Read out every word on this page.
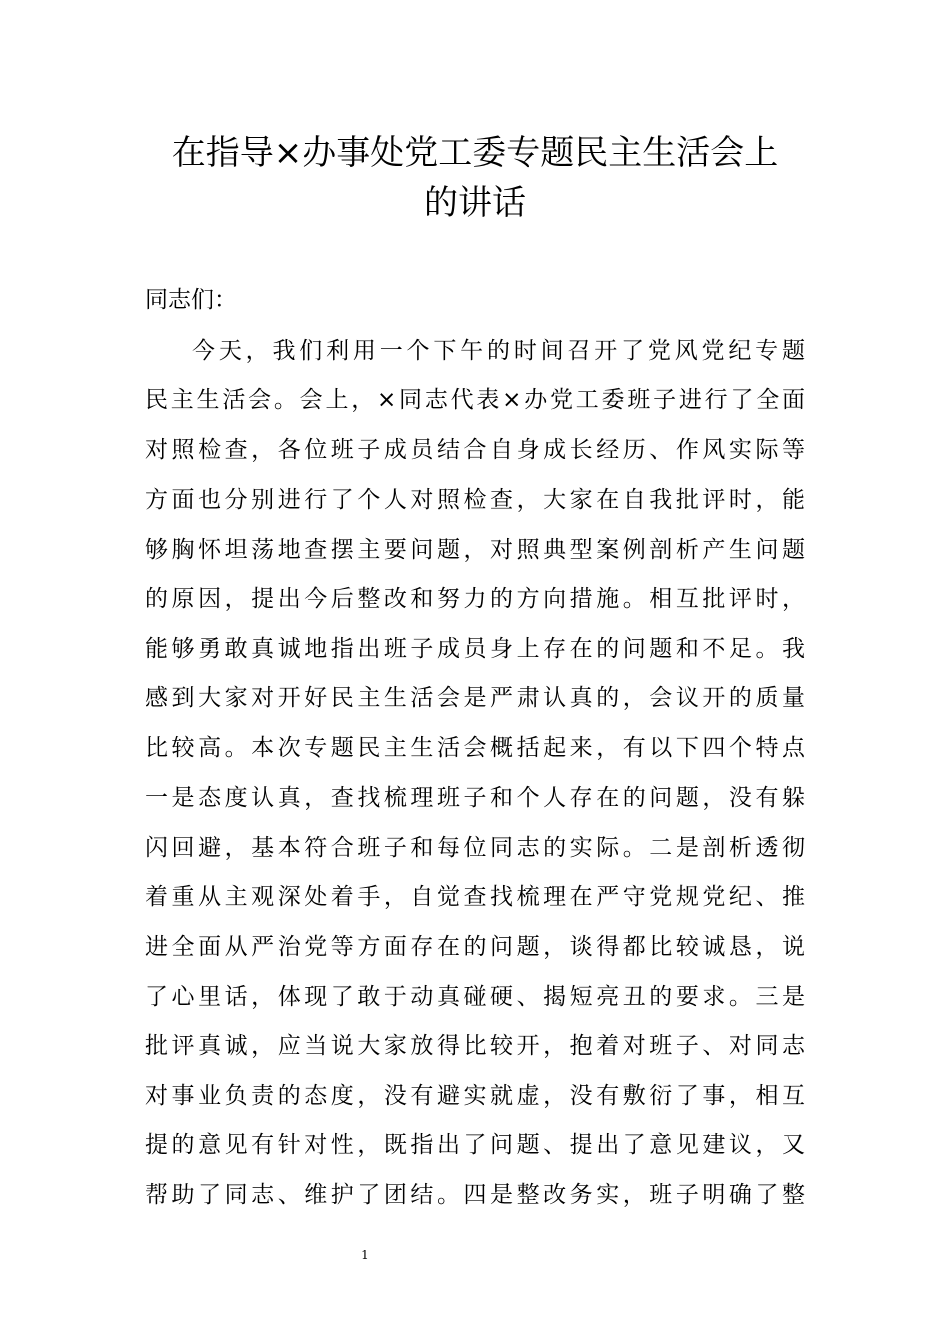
在指导×办事处党工委专题民主生活会上
的讲话
同志们：
今天，我们利用一个下午的时间召开了党风党纪专题
民主生活会。会上，×同志代表×办党工委班子进行了全面
对照检查，各位班子成员结合自身成长经历、作风实际等
方面也分别进行了个人对照检查，大家在自我批评时，能
够胸怀坦荡地查摆主要问题，对照典型案例剖析产生问题
的原因，提出今后整改和努力的方向措施。相互批评时，
能够勇敢真诚地指出班子成员身上存在的问题和不足。我
感到大家对开好民主生活会是严肃认真的，会议开的质量
比较高。本次专题民主生活会概括起来，有以下四个特点
一是态度认真，查找梳理班子和个人存在的问题，没有躲
闪回避，基本符合班子和每位同志的实际。二是剖析透彻
着重从主观深处着手，自觉查找梳理在严守党规党纪、推
进全面从严治党等方面存在的问题，谈得都比较诚恳，说
了心里话，体现了敢于动真碰硬、揭短亮丑的要求。三是
批评真诚，应当说大家放得比较开，抱着对班子、对同志
对事业负责的态度，没有避实就虚，没有敷衍了事，相互
提的意见有针对性，既指出了问题、提出了意见建议，又
帮助了同志、维护了团结。四是整改务实，班子明确了整
1
